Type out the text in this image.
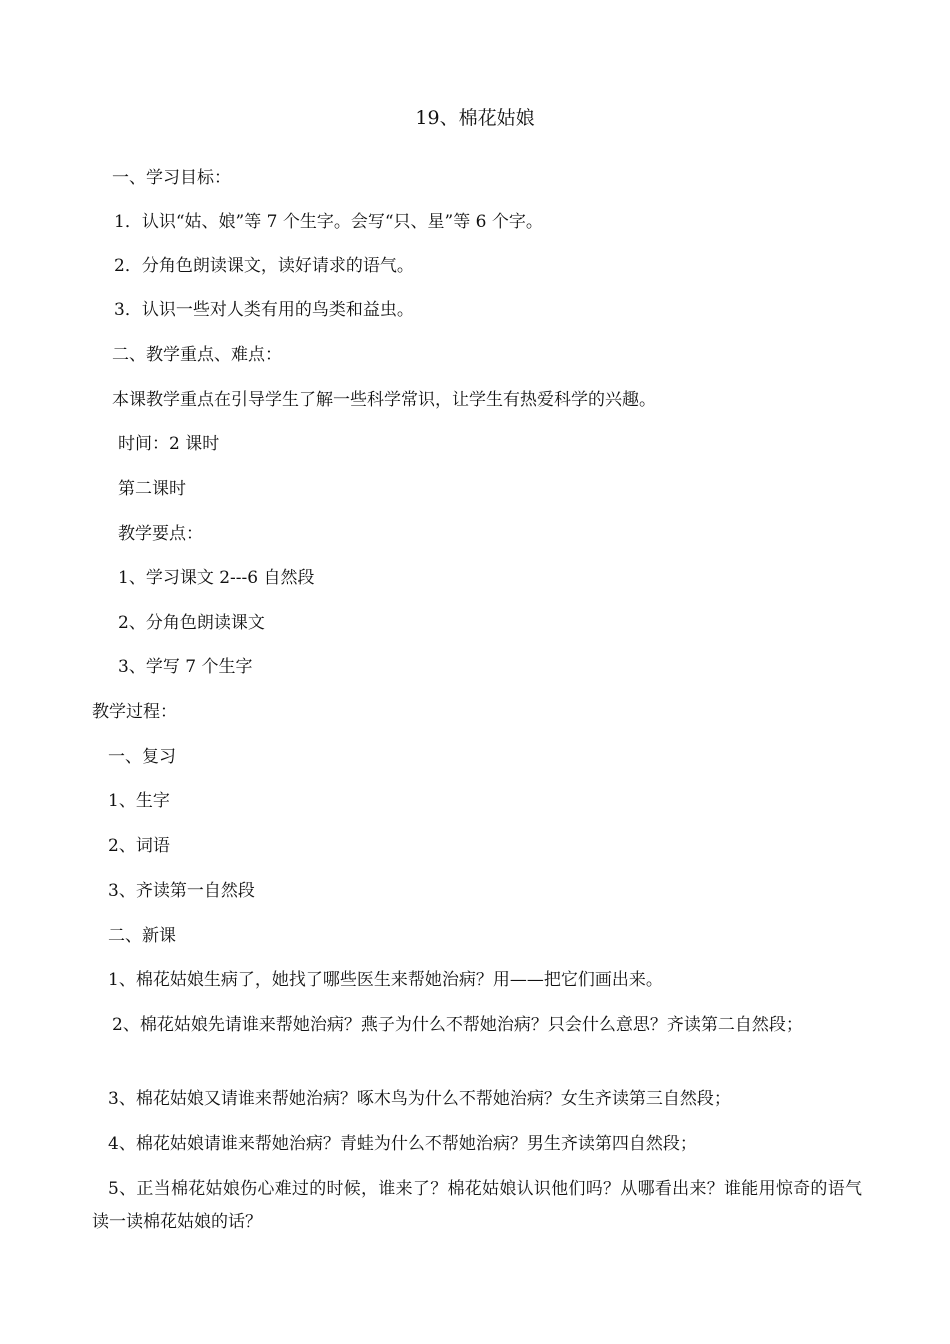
19、棉花姑娘
一、学习目标：
1．认识“姑、娘”等 7 个生字。会写“只、星”等 6 个字。
2．分角色朗读课文，读好请求的语气。
3．认识一些对人类有用的鸟类和益虫。
二、教学重点、难点：
本课教学重点在引导学生了解一些科学常识，让学生有热爱科学的兴趣。
时间：2 课时
第二课时
教学要点：
1、学习课文 2---6 自然段
2、分角色朗读课文
3、学写 7 个生字
教学过程：
一、复习
1、生字
2、词语
3、齐读第一自然段
二、新课
1、棉花姑娘生病了，她找了哪些医生来帮她治病？用——把它们画出来。
2、棉花姑娘先请谁来帮她治病？燕子为什么不帮她治病？只会什么意思？齐读第二自然段；
3、棉花姑娘又请谁来帮她治病？啄木鸟为什么不帮她治病？女生齐读第三自然段；
4、棉花姑娘请谁来帮她治病？青蛙为什么不帮她治病？男生齐读第四自然段；
5、正当棉花姑娘伤心难过的时候，谁来了？棉花姑娘认识他们吗？从哪看出来？谁能用惊奇的语气读一读棉花姑娘的话？
